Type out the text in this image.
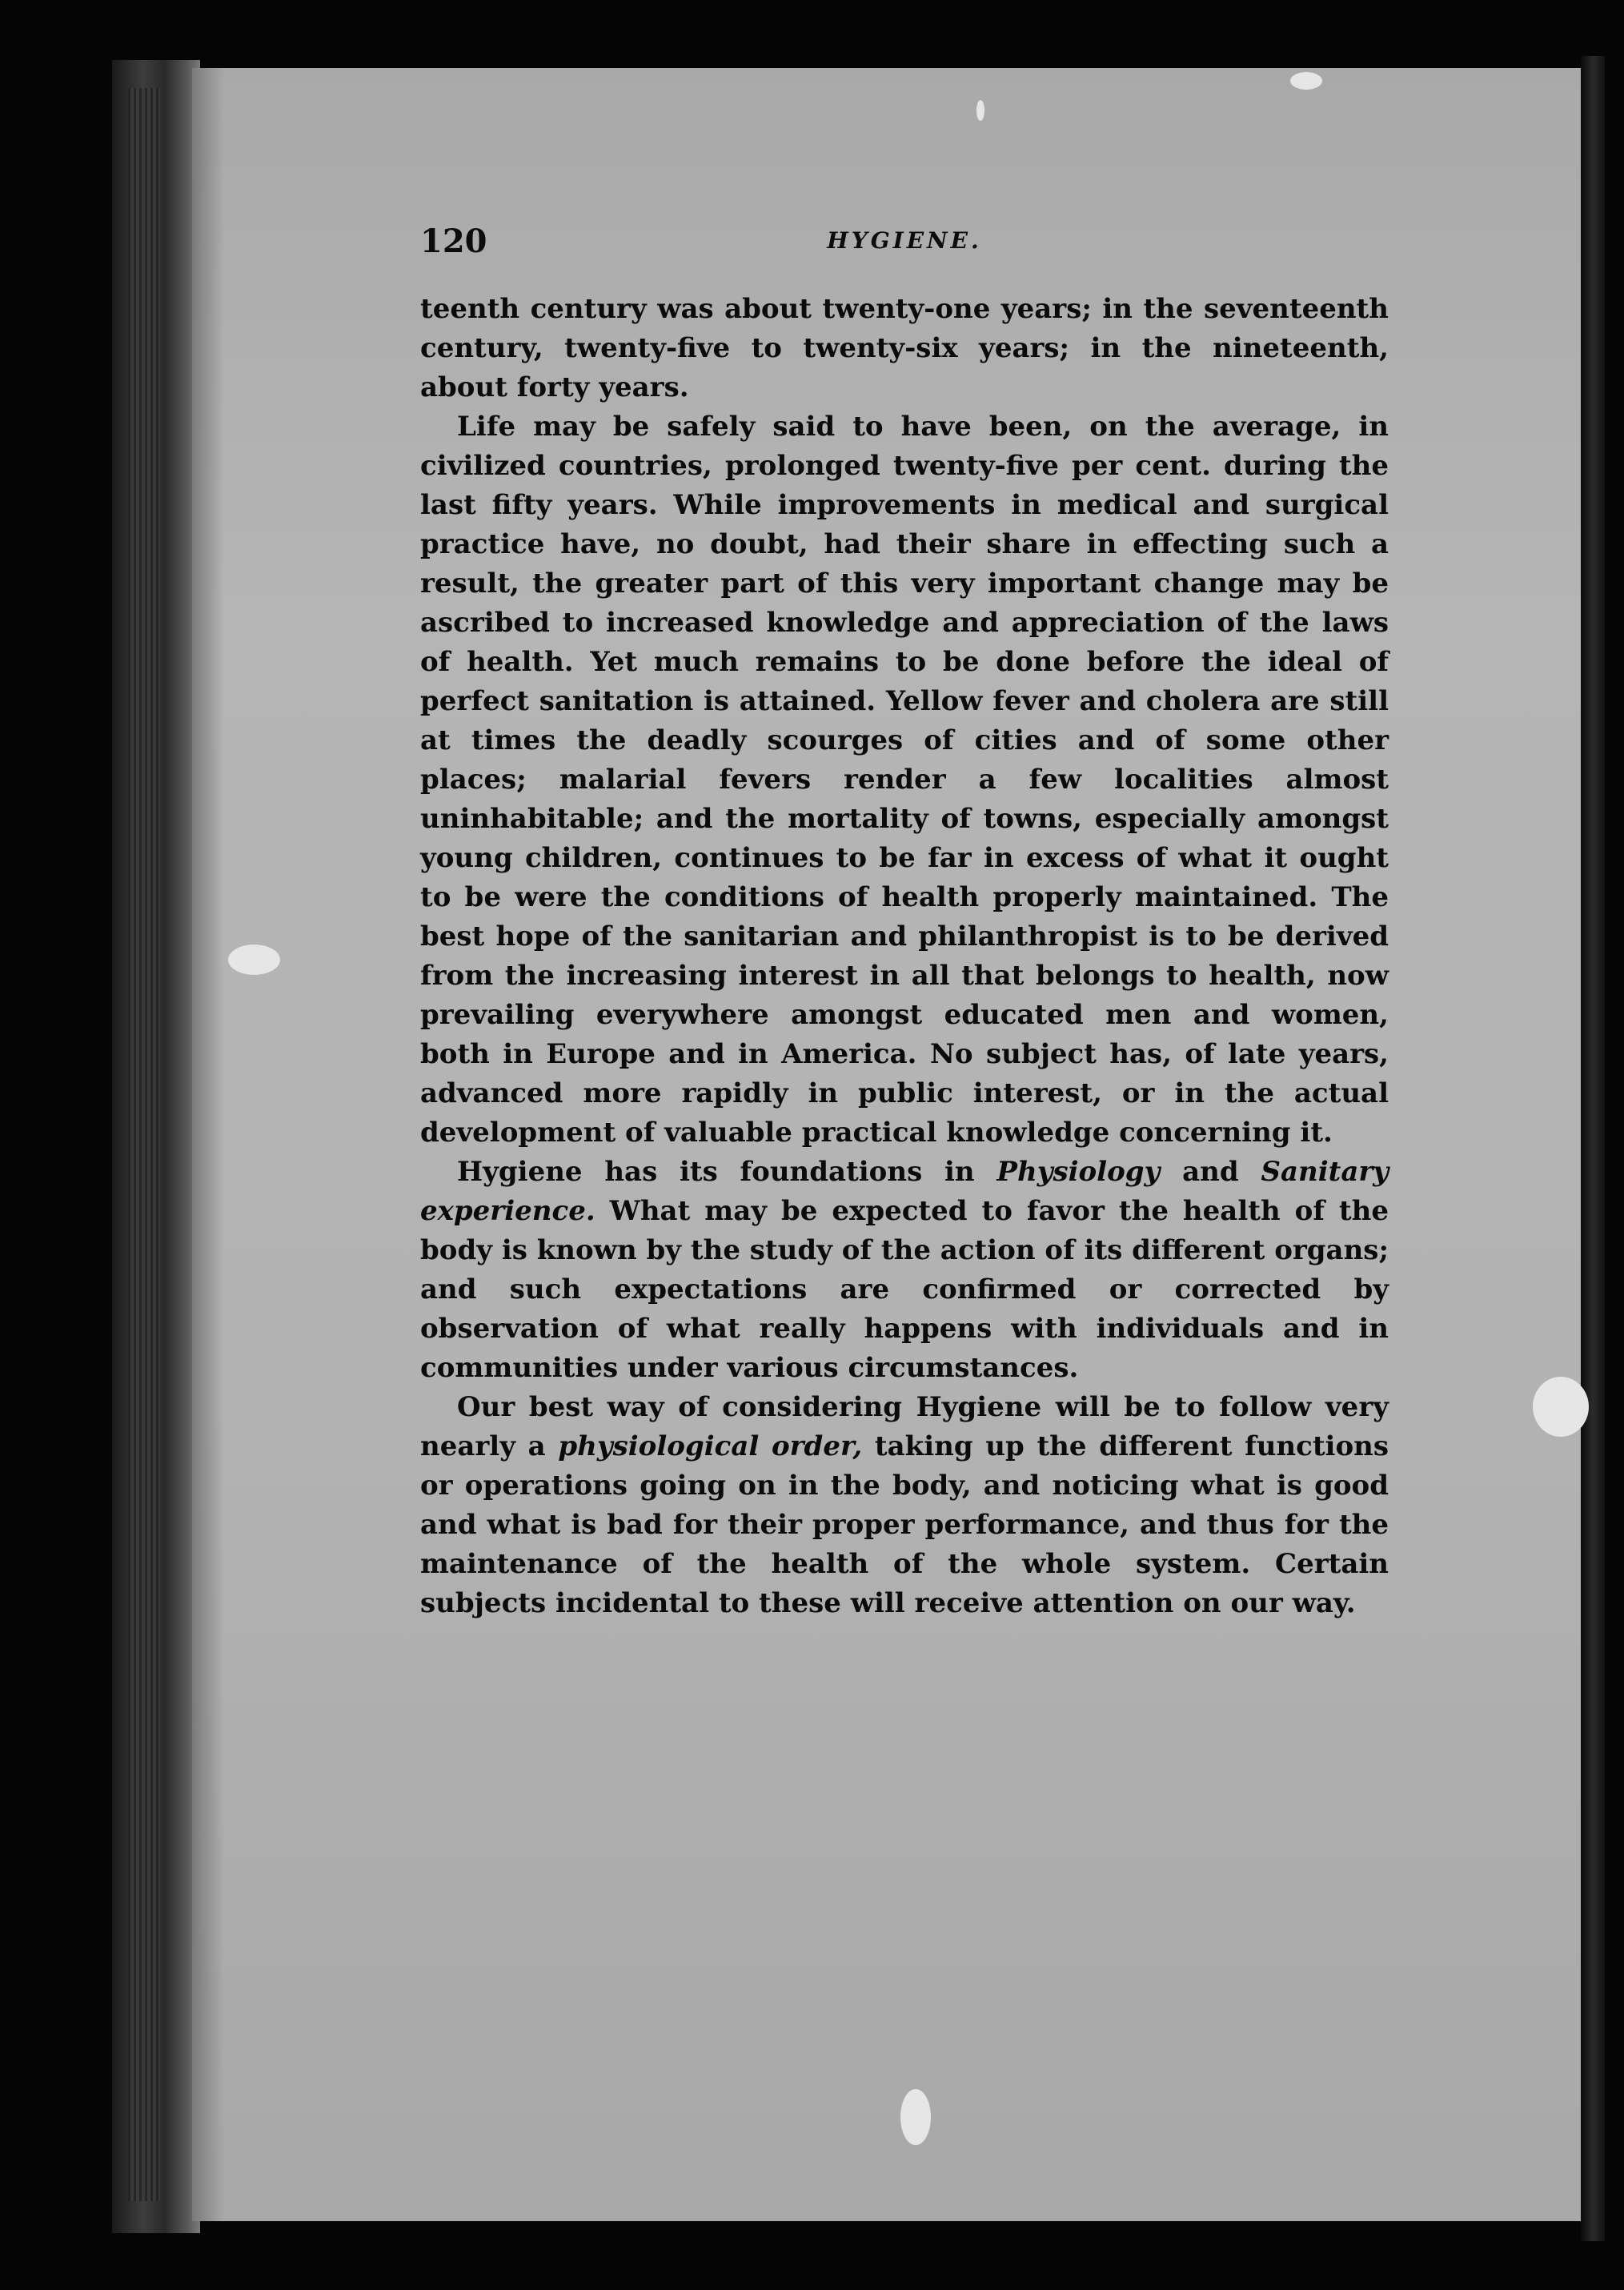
120	HYGIENE.

teenth century was about twenty-one years; in the seventeenth century, twenty-five to twenty-six years; in the nineteenth, about forty years.

Life may be safely said to have been, on the average, in civilized countries, prolonged twenty-five per cent. during the last fifty years. While improvements in medical and surgical practice have, no doubt, had their share in effecting such a result, the greater part of this very important change may be ascribed to increased knowledge and appreciation of the laws of health. Yet much remains to be done before the ideal of perfect sanitation is attained. Yellow fever and cholera are still at times the deadly scourges of cities and of some other places; malarial fevers render a few localities almost uninhabitable; and the mortality of towns, especially amongst young children, continues to be far in excess of what it ought to be were the conditions of health properly maintained. The best hope of the sanitarian and philanthropist is to be derived from the increasing interest in all that belongs to health, now prevailing everywhere amongst educated men and women, both in Europe and in America. No subject has, of late years, advanced more rapidly in public interest, or in the actual development of valuable practical knowledge concerning it.

Hygiene has its foundations in Physiology and Sanitary experience. What may be expected to favor the health of the body is known by the study of the action of its different organs; and such expectations are confirmed or corrected by observation of what really happens with individuals and in communities under various circumstances.

Our best way of considering Hygiene will be to follow very nearly a physiological order, taking up the different functions or operations going on in the body, and noticing what is good and what is bad for their proper performance, and thus for the maintenance of the health of the whole system. Certain subjects incidental to these will receive attention on our way.
